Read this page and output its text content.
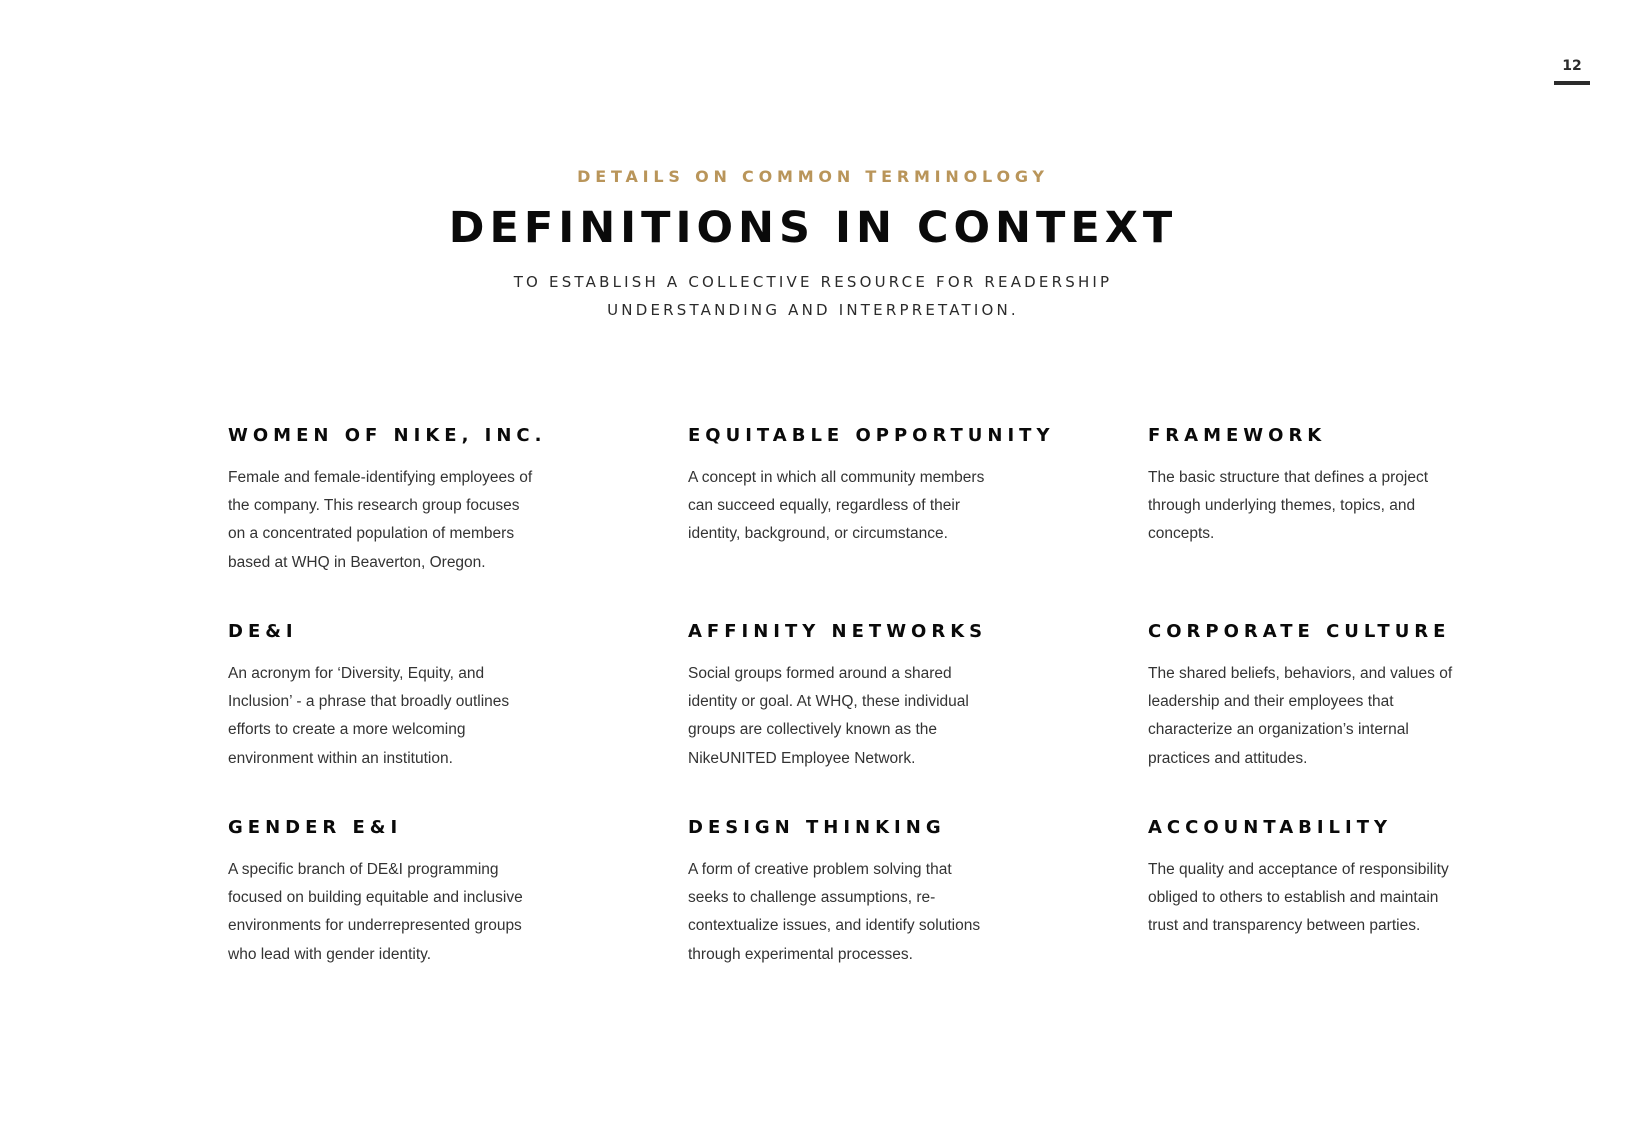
12

DETAILS ON COMMON TERMINOLOGY

DEFINITIONS IN CONTEXT
TO ESTABLISH A COLLECTIVE RESOURCE FOR READERSHIP
UNDERSTANDING AND INTERPRETATION.
WOMEN OF NIKE, INC.

Female and female-identifying employees of
the company. This research group focuses
on a concentrated population of members
based at WHQ in Beaverton, Oregon.

EQUITABLE OPPORTUNITY

A concept in which all community members
can succeed equally, regardless of their
identity, background, or circumstance.

FRAMEWORK

The basic structure that defines a project
through underlying themes, topics, and
concepts.

DE&I

An acronym for ‘Diversity, Equity, and
Inclusion’ - a phrase that broadly outlines
efforts to create a more welcoming
environment within an institution.

AFFINITY NETWORKS

Social groups formed around a shared
identity or goal. At WHQ, these individual
groups are collectively known as the
NikeUNITED Employee Network.

CORPORATE CULTURE

The shared beliefs, behaviors, and values of
leadership and their employees that
characterize an organization’s internal
practices and attitudes.

GENDER E&I

A specific branch of DE&I programming
focused on building equitable and inclusive
environments for underrepresented groups
who lead with gender identity.

DESIGN THINKING

A form of creative problem solving that
seeks to challenge assumptions, re-
contextualize issues, and identify solutions
through experimental processes.

ACCOUNTABILITY

The quality and acceptance of responsibility
obliged to others to establish and maintain
trust and transparency between parties.
